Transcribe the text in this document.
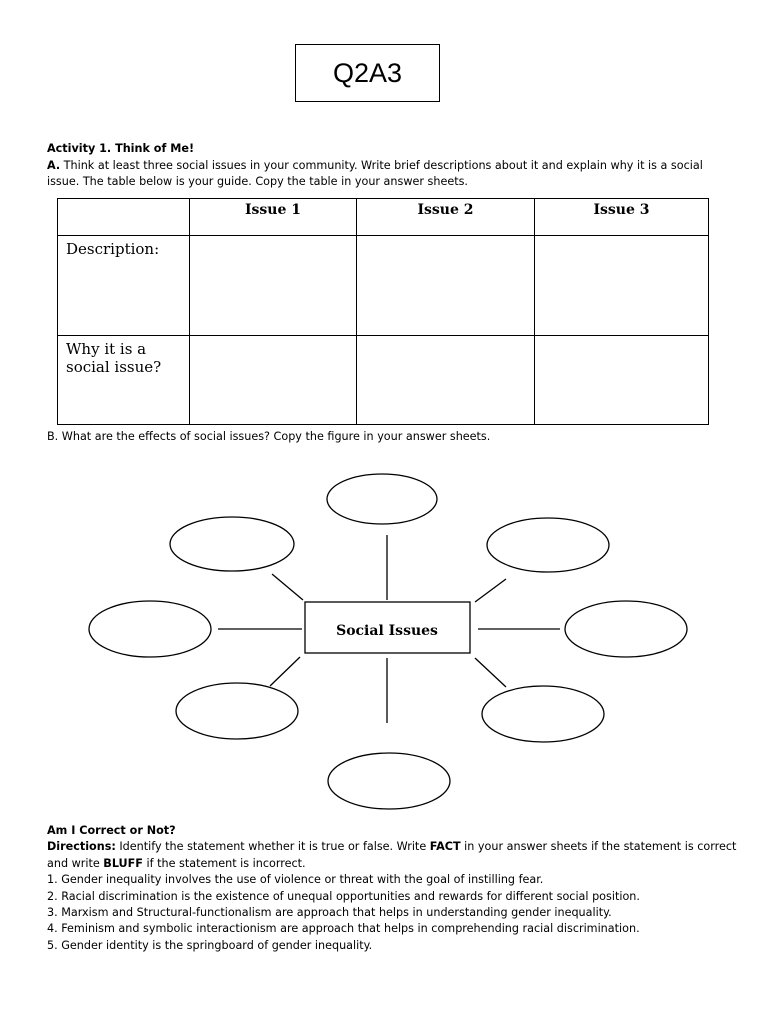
Q2A3
Activity 1. Think of Me!
A. Think at least three social issues in your community. Write brief descriptions about it and explain why it is a social issue. The table below is your guide. Copy the table in your answer sheets.
	Issue 1	Issue 2	Issue 3

Description:			

Why it is a
social issue?			

B. What are the effects of social issues? Copy the figure in your answer sheets.
Social Issues
Am I Correct or Not?
Directions: Identify the statement whether it is true or false. Write FACT in your answer sheets if the statement is correct and write BLUFF if the statement is incorrect.
1. Gender inequality involves the use of violence or threat with the goal of instilling fear.
2. Racial discrimination is the existence of unequal opportunities and rewards for different social position.
3. Marxism and Structural-functionalism are approach that helps in understanding gender inequality.
4. Feminism and symbolic interactionism are approach that helps in comprehending racial discrimination.
5. Gender identity is the springboard of gender inequality.
